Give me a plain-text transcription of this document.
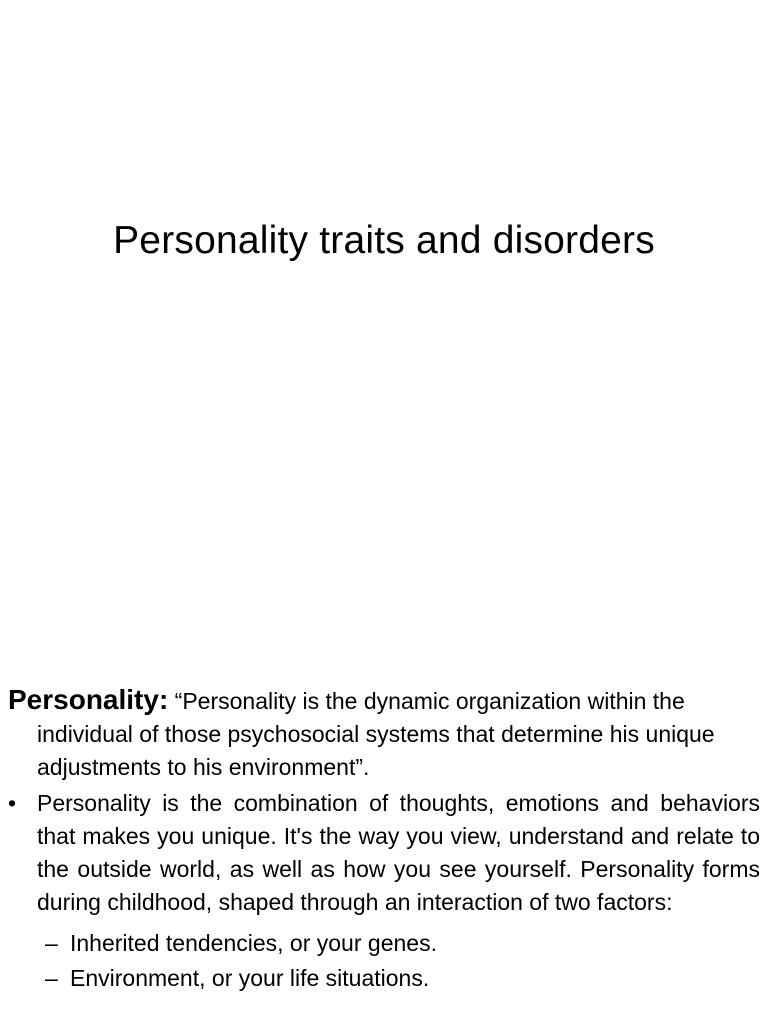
Personality traits and disorders

Personality: “Personality is the dynamic organization within the individual of those psychosocial systems that determine his unique adjustments to his environment”.

• Personality is the combination of thoughts, emotions and behaviors that makes you unique. It's the way you view, understand and relate to the outside world, as well as how you see yourself. Personality forms during childhood, shaped through an interaction of two factors:
– Inherited tendencies, or your genes.
– Environment, or your life situations.
